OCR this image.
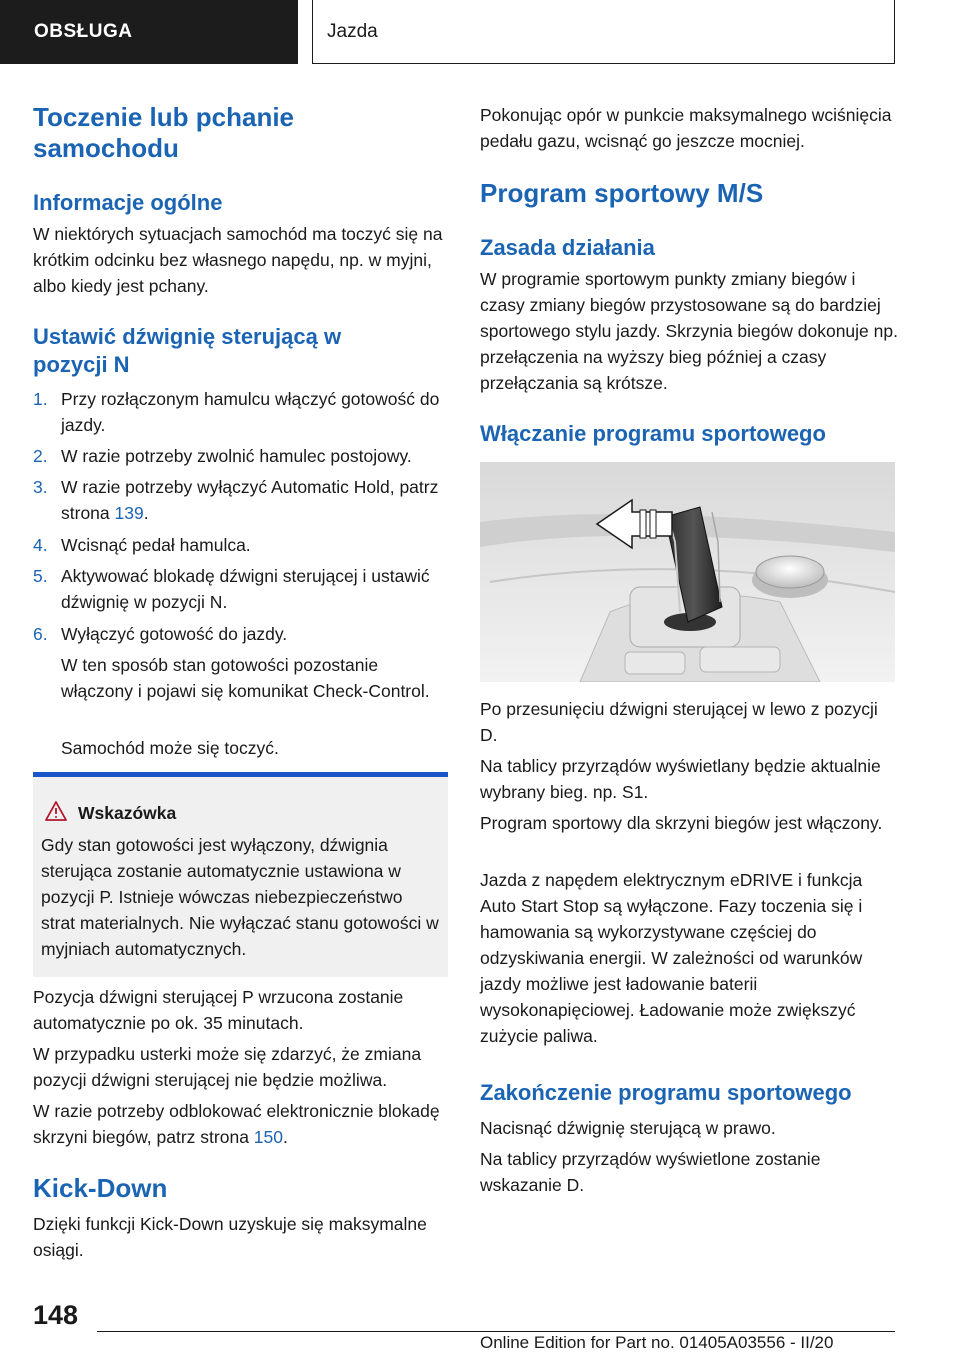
OBSŁUGA	Jazda
Toczenie lub pchanie samochodu
Informacje ogólne

W niektórych sytuacjach samochód ma toczyć się na krótkim odcinku bez własnego napędu, np. w myjni, albo kiedy jest pchany.

Ustawić dźwignię sterującą w pozycji N
1. Przy rozłączonym hamulcu włączyć gotowość do jazdy.
2. W razie potrzeby zwolnić hamulec postojowy.
3. W razie potrzeby wyłączyć Automatic Hold, patrz strona 139.
4. Wcisnąć pedał hamulca.
5. Aktywować blokadę dźwigni sterującej i ustawić dźwignię w pozycji N.
6. Wyłączyć gotowość do jazdy.

W ten sposób stan gotowości pozostanie włączony i pojawi się komunikat Check-Control.

Samochód może się toczyć.

Wskazówka
Gdy stan gotowości jest wyłączony, dźwignia sterująca zostanie automatycznie ustawiona w pozycji P. Istnieje wówczas niebezpieczeństwo strat materialnych. Nie wyłączać stanu gotowości w myjniach automatycznych.

Pozycja dźwigni sterującej P wrzucona zostanie automatycznie po ok. 35 minutach.

W przypadku usterki może się zdarzyć, że zmiana pozycji dźwigni sterującej nie będzie możliwa.

W razie potrzeby odblokować elektronicznie blokadę skrzyni biegów, patrz strona 150.

Kick-Down

Dzięki funkcji Kick-Down uzyskuje się maksymalne osiągi.

Pokonując opór w punkcie maksymalnego wciśnięcia pedału gazu, wcisnąć go jeszcze mocniej.

Program sportowy M/S
Zasada działania

W programie sportowym punkty zmiany biegów i czasy zmiany biegów przystosowane są do bardziej sportowego stylu jazdy. Skrzynia biegów dokonuje np. przełączenia na wyższy bieg później a czasy przełączania są krótsze.

Włączanie programu sportowego

Po przesunięciu dźwigni sterującej w lewo z pozycji D.

Na tablicy przyrządów wyświetlany będzie aktualnie wybrany bieg. np. S1.

Program sportowy dla skrzyni biegów jest włączony.

Jazda z napędem elektrycznym eDRIVE i funkcja Auto Start Stop są wyłączone. Fazy toczenia się i hamowania są wykorzystywane częściej do odzyskiwania energii. W zależności od warunków jazdy możliwe jest ładowanie baterii wysokonapięciowej. Ładowanie może zwiększyć zużycie paliwa.

Zakończenie programu sportowego

Nacisnąć dźwignię sterującą w prawo.

Na tablicy przyrządów wyświetlone zostanie wskazanie D.

148
Online Edition for Part no. 01405A03556 - II/20
